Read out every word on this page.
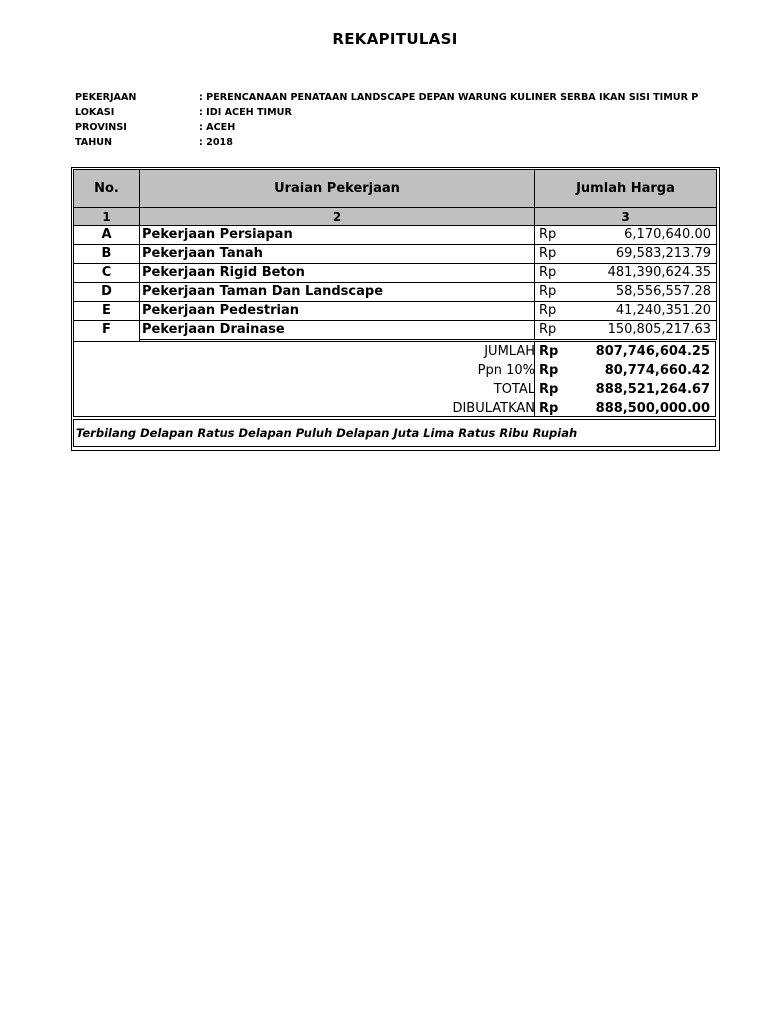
REKAPITULASI
PEKERJAAN	: PERENCANAAN PENATAAN LANDSCAPE DEPAN WARUNG KULINER SERBA IKAN SISI TIMUR P
LOKASI	: IDI ACEH TIMUR
PROVINSI	: ACEH
TAHUN	: 2018
No.	Uraian Pekerjaan	Jumlah Harga
1	2	3
A	Pekerjaan Persiapan	Rp	6,170,640.00
B	Pekerjaan Tanah	Rp	69,583,213.79
C	Pekerjaan Rigid Beton	Rp	481,390,624.35
D	Pekerjaan Taman Dan Landscape	Rp	58,556,557.28
E	Pekerjaan Pedestrian	Rp	41,240,351.20
F	Pekerjaan Drainase	Rp	150,805,217.63
JUMLAH Rp	807,746,604.25
Ppn 10% Rp	80,774,660.42
TOTAL Rp	888,521,264.67
DIBULATKAN Rp	888,500,000.00
Terbilang Delapan Ratus Delapan Puluh Delapan Juta Lima Ratus Ribu Rupiah
